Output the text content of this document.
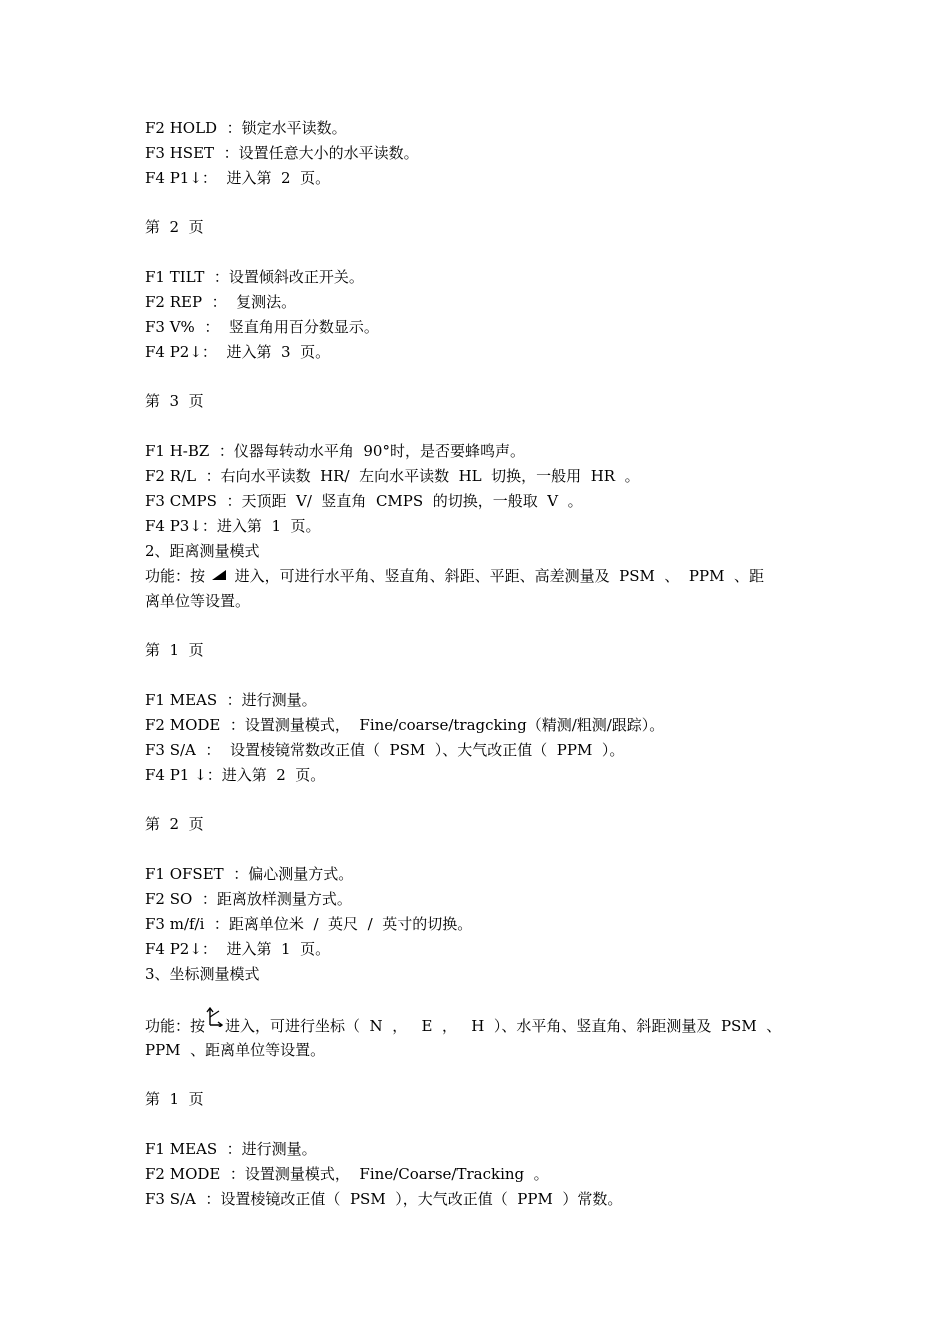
F2 HOLD  ：锁定水平读数。
F3 HSET  ：设置任意大小的水平读数。
F4 P1↓：  进入第  2  页。
第  2  页
F1 TILT  ：设置倾斜改正开关。
F2 REP  ：  复测法。
F3 V%  ：  竖直角用百分数显示。
F4 P2↓：  进入第  3  页。
第  3  页
F1 H-BZ  ：仪器每转动水平角  90°时，是否要蜂鸣声。
F2 R/L  ：右向水平读数  HR/  左向水平读数  HL  切换，一般用  HR  。
F3 CMPS  ：天顶距  V/  竖直角  CMPS  的切换，一般取  V  。
F4 P3↓：进入第  1  页。
2、距离测量模式
功能：按 进入，可进行水平角、竖直角、斜距、平距、高差测量及  PSM  、  PPM  、距
离单位等设置。
第  1  页
F1 MEAS  ：进行测量。
F2 MODE  ：设置测量模式，  Fine/coarse/tragcking（精测/粗测/跟踪）。
F3 S/A  ：  设置棱镜常数改正值（  PSM  ）、大气改正值（  PPM  ）。
F4 P1 ↓：进入第  2  页。
第  2  页
F1 OFSET  ：偏心测量方式。
F2 SO  ：距离放样测量方式。
F3 m/f/i  ：距离单位米  /  英尺  /  英寸的切换。
F4 P2↓：  进入第  1  页。
3、坐标测量模式
功能：按 进入，可进行坐标（  N  ，   E  ，   H  ）、水平角、竖直角、斜距测量及  PSM  、
PPM  、距离单位等设置。
第  1  页
F1 MEAS  ：进行测量。
F2 MODE  ：设置测量模式，  Fine/Coarse/Tracking  。
F3 S/A  ：设置棱镜改正值（  PSM  ），大气改正值（  PPM  ）常数。
